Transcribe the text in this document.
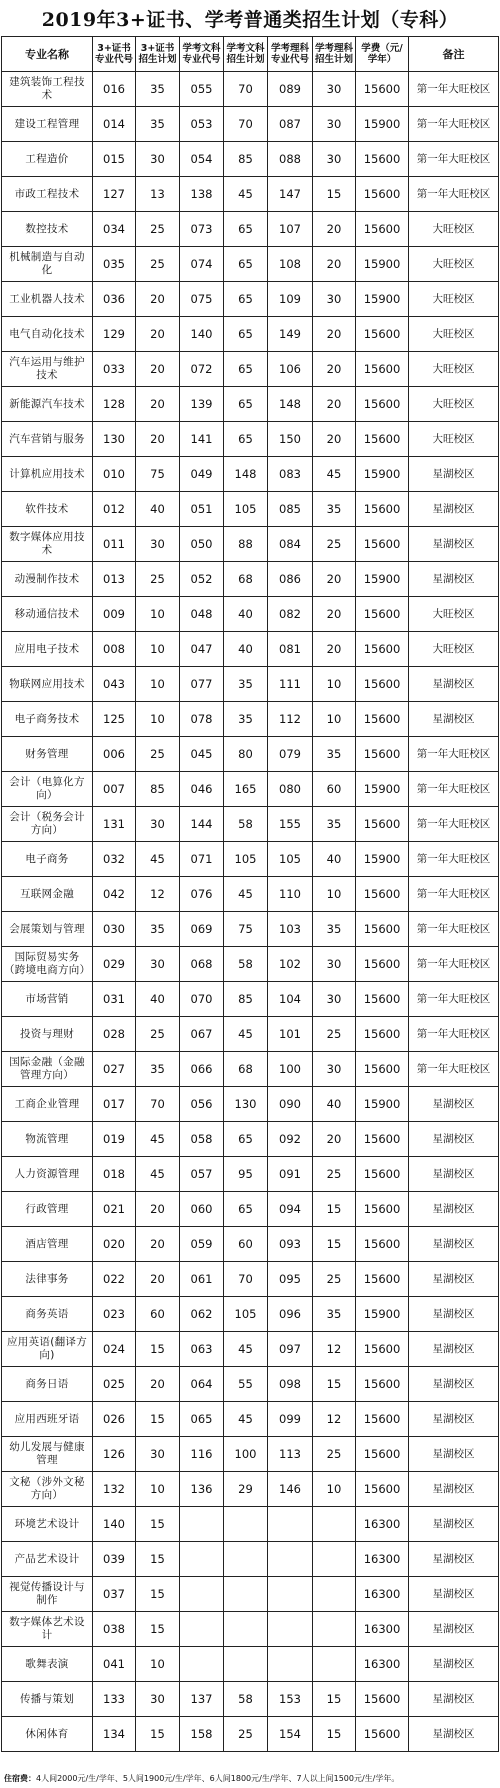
2019年3+证书、学考普通类招生计划（专科）
专业名称	3+证书专业代号	3+证书招生计划	学考文科专业代号	学考文科招生计划	学考理科专业代号	学考理科招生计划	学费（元/学年）	备注
建筑装饰工程技术	016	35	055	70	089	30	15600	第一年大旺校区
建设工程管理	014	35	053	70	087	30	15900	第一年大旺校区
工程造价	015	30	054	85	088	30	15600	第一年大旺校区
市政工程技术	127	13	138	45	147	15	15600	第一年大旺校区
数控技术	034	25	073	65	107	20	15600	大旺校区
机械制造与自动化	035	25	074	65	108	20	15900	大旺校区
工业机器人技术	036	20	075	65	109	30	15900	大旺校区
电气自动化技术	129	20	140	65	149	20	15600	大旺校区
汽车运用与维护技术	033	20	072	65	106	20	15600	大旺校区
新能源汽车技术	128	20	139	65	148	20	15600	大旺校区
汽车营销与服务	130	20	141	65	150	20	15600	大旺校区
计算机应用技术	010	75	049	148	083	45	15900	星湖校区
软件技术	012	40	051	105	085	35	15600	星湖校区
数字媒体应用技术	011	30	050	88	084	25	15600	星湖校区
动漫制作技术	013	25	052	68	086	20	15900	星湖校区
移动通信技术	009	10	048	40	082	20	15600	大旺校区
应用电子技术	008	10	047	40	081	20	15600	大旺校区
物联网应用技术	043	10	077	35	111	10	15600	星湖校区
电子商务技术	125	10	078	35	112	10	15600	星湖校区
财务管理	006	25	045	80	079	35	15600	第一年大旺校区
会计（电算化方向）	007	85	046	165	080	60	15900	第一年大旺校区
会计（税务会计方向）	131	30	144	58	155	35	15600	第一年大旺校区
电子商务	032	45	071	105	105	40	15900	第一年大旺校区
互联网金融	042	12	076	45	110	10	15600	第一年大旺校区
会展策划与管理	030	35	069	75	103	35	15600	第一年大旺校区
国际贸易实务（跨境电商方向）	029	30	068	58	102	30	15600	第一年大旺校区
市场营销	031	40	070	85	104	30	15600	第一年大旺校区
投资与理财	028	25	067	45	101	25	15600	第一年大旺校区
国际金融（金融管理方向）	027	35	066	68	100	30	15600	第一年大旺校区
工商企业管理	017	70	056	130	090	40	15900	星湖校区
物流管理	019	45	058	65	092	20	15600	星湖校区
人力资源管理	018	45	057	95	091	25	15600	星湖校区
行政管理	021	20	060	65	094	15	15600	星湖校区
酒店管理	020	20	059	60	093	15	15600	星湖校区
法律事务	022	20	061	70	095	25	15600	星湖校区
商务英语	023	60	062	105	096	35	15900	星湖校区
应用英语(翻译方向)	024	15	063	45	097	12	15600	星湖校区
商务日语	025	20	064	55	098	15	15600	星湖校区
应用西班牙语	026	15	065	45	099	12	15600	星湖校区
幼儿发展与健康管理	126	30	116	100	113	25	15600	星湖校区
文秘（涉外文秘方向）	132	10	136	29	146	10	15600	星湖校区
环境艺术设计	140	15					16300	星湖校区
产品艺术设计	039	15					16300	星湖校区
视觉传播设计与制作	037	15					16300	星湖校区
数字媒体艺术设计	038	15					16300	星湖校区
歌舞表演	041	10					16300	星湖校区
传播与策划	133	30	137	58	153	15	15600	星湖校区
休闲体育	134	15	158	25	154	15	15600	星湖校区
住宿费：4人间2000元/生/学年、5人间1900元/生/学年、6人间1800元/生/学年、7人以上间1500元/生/学年。
